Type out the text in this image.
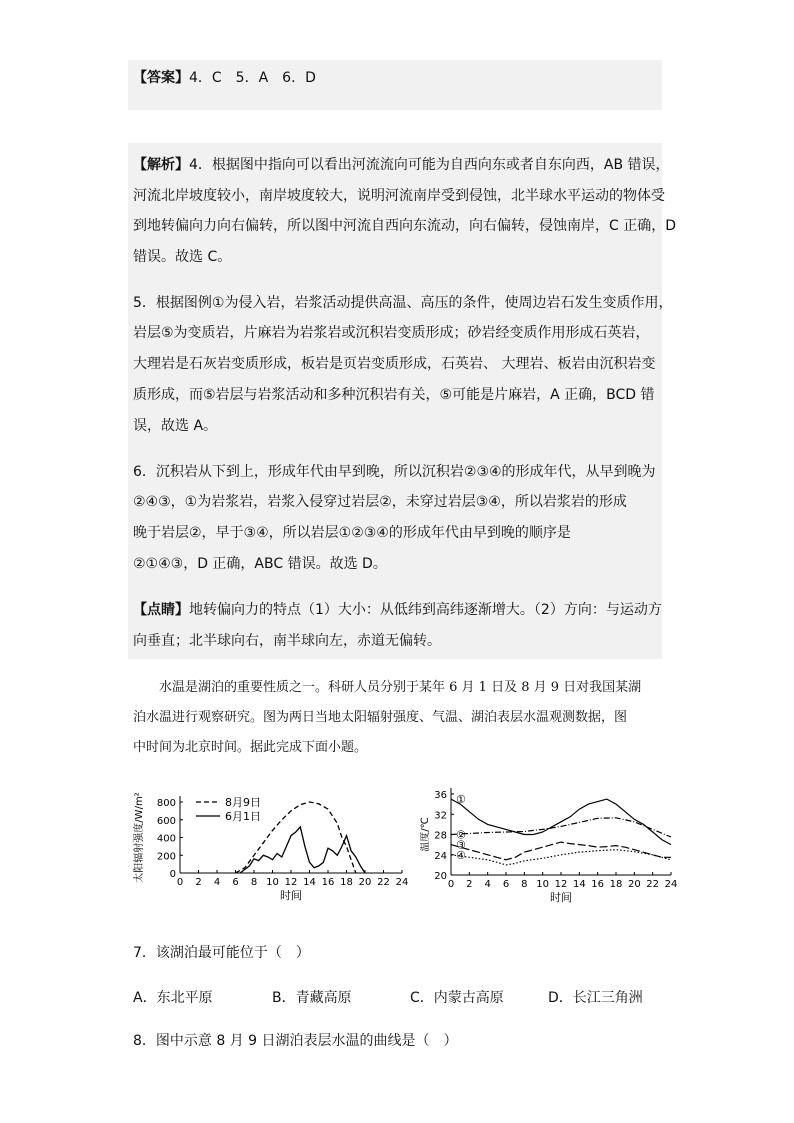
【答案】4．C　5．A　6．D
【解析】4．根据图中指向可以看出河流流向可能为自西向东或者自东向西，AB 错误，
河流北岸坡度较小，南岸坡度较大，说明河流南岸受到侵蚀，北半球水平运动的物体受
到地转偏向力向右偏转，所以图中河流自西向东流动，向右偏转，侵蚀南岸，C 正确，D
错误。故选 C。
5．根据图例①为侵入岩，岩浆活动提供高温、高压的条件，使周边岩石发生变质作用，
岩层⑤为变质岩，片麻岩为岩浆岩或沉积岩变质形成；砂岩经变质作用形成石英岩，
大理岩是石灰岩变质形成，板岩是页岩变质形成，石英岩、 大理岩、板岩由沉积岩变
质形成，而⑤岩层与岩浆活动和多种沉积岩有关，⑤可能是片麻岩，A 正确，BCD 错
误，故选 A。
6．沉积岩从下到上，形成年代由早到晚，所以沉积岩②③④的形成年代，从早到晚为
②④③，①为岩浆岩，岩浆入侵穿过岩层②，未穿过岩层③④，所以岩浆岩的形成
晚于岩层②，早于③④，所以岩层①②③④的形成年代由早到晚的顺序是
②①④③，D 正确，ABC 错误。故选 D。
【点睛】地转偏向力的特点（1）大小：从低纬到高纬逐渐增大。（2）方向：与运动方
向垂直；北半球向右，南半球向左，赤道无偏转。
　　水温是湖泊的重要性质之一。科研人员分别于某年 6 月 1 日及 8 月 9 日对我国某湖
泊水温进行观察研究。图为两日当地太阳辐射强度、气温、湖泊表层水温观测数据，图
中时间为北京时间。据此完成下面小题。
0 2 4 6 8 10 12 14 16 18 20 22 24
0
200
400
600
800
时间
太阳辐射强度/W/m²	8月9日
6月1日
0 2 4 6 8 10 12 14 16 18 20 22 24
20
24
28
32
36
时间
温度/℃
①
②
③
④
7．该湖泊最可能位于（　）
A．东北平原	B．青藏高原	C．内蒙古高原	D．长江三角洲
8．图中示意 8 月 9 日湖泊表层水温的曲线是（　）
